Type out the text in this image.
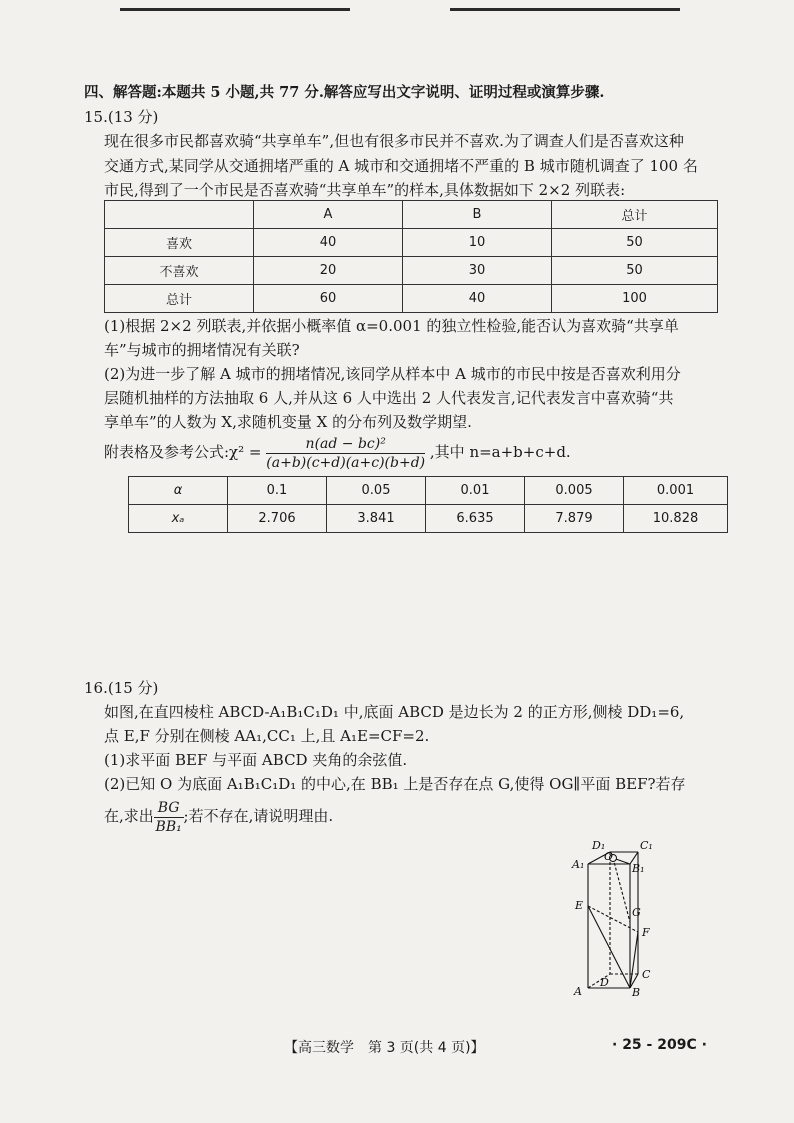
四、解答题:本题共 5 小题,共 77 分.解答应写出文字说明、证明过程或演算步骤.
15.(13 分)
现在很多市民都喜欢骑“共享单车”,但也有很多市民并不喜欢.为了调查人们是否喜欢这种
交通方式,某同学从交通拥堵严重的 A 城市和交通拥堵不严重的 B 城市随机调查了 100 名
市民,得到了一个市民是否喜欢骑“共享单车”的样本,具体数据如下 2×2 列联表:
	A	B	总计
喜欢	40	10	50
不喜欢	20	30	50
总计	60	40	100
(1)根据 2×2 列联表,并依据小概率值 α=0.001 的独立性检验,能否认为喜欢骑“共享单
车”与城市的拥堵情况有关联?
(2)为进一步了解 A 城市的拥堵情况,该同学从样本中 A 城市的市民中按是否喜欢利用分
层随机抽样的方法抽取 6 人,并从这 6 人中选出 2 人代表发言,记代表发言中喜欢骑“共
享单车”的人数为 X,求随机变量 X 的分布列及数学期望.
附表格及参考公式:χ² = $\frac{\text{n(ad − bc)²}}{(a+b)(c+d)(a+c)(b+d)}$ ,其中 n=a+b+c+d.
α	0.1	0.05	0.01	0.005	0.001
xₐ	2.706	3.841	6.635	7.879	10.828
16.(15 分)
如图,在直四棱柱 ABCD-A₁B₁C₁D₁ 中,底面 ABCD 是边长为 2 的正方形,侧棱 DD₁=6,
点 E,F 分别在侧棱 AA₁,CC₁ 上,且 A₁E=CF=2.
(1)求平面 BEF 与平面 ABCD 夹角的余弦值.
(2)已知 O 为底面 A₁B₁C₁D₁ 的中心,在 BB₁ 上是否存在点 G,使得 OG∥平面 BEF?若存
在,求出 $\frac{BG}{\text{BB₁}}$ ;若不存在,请说明理由.
D₁	C₁
A₁	B₁
O
E
G
F
C
A
D
B
【高三数学　第 3 页(共 4 页)】	· 25 - 209C ·
